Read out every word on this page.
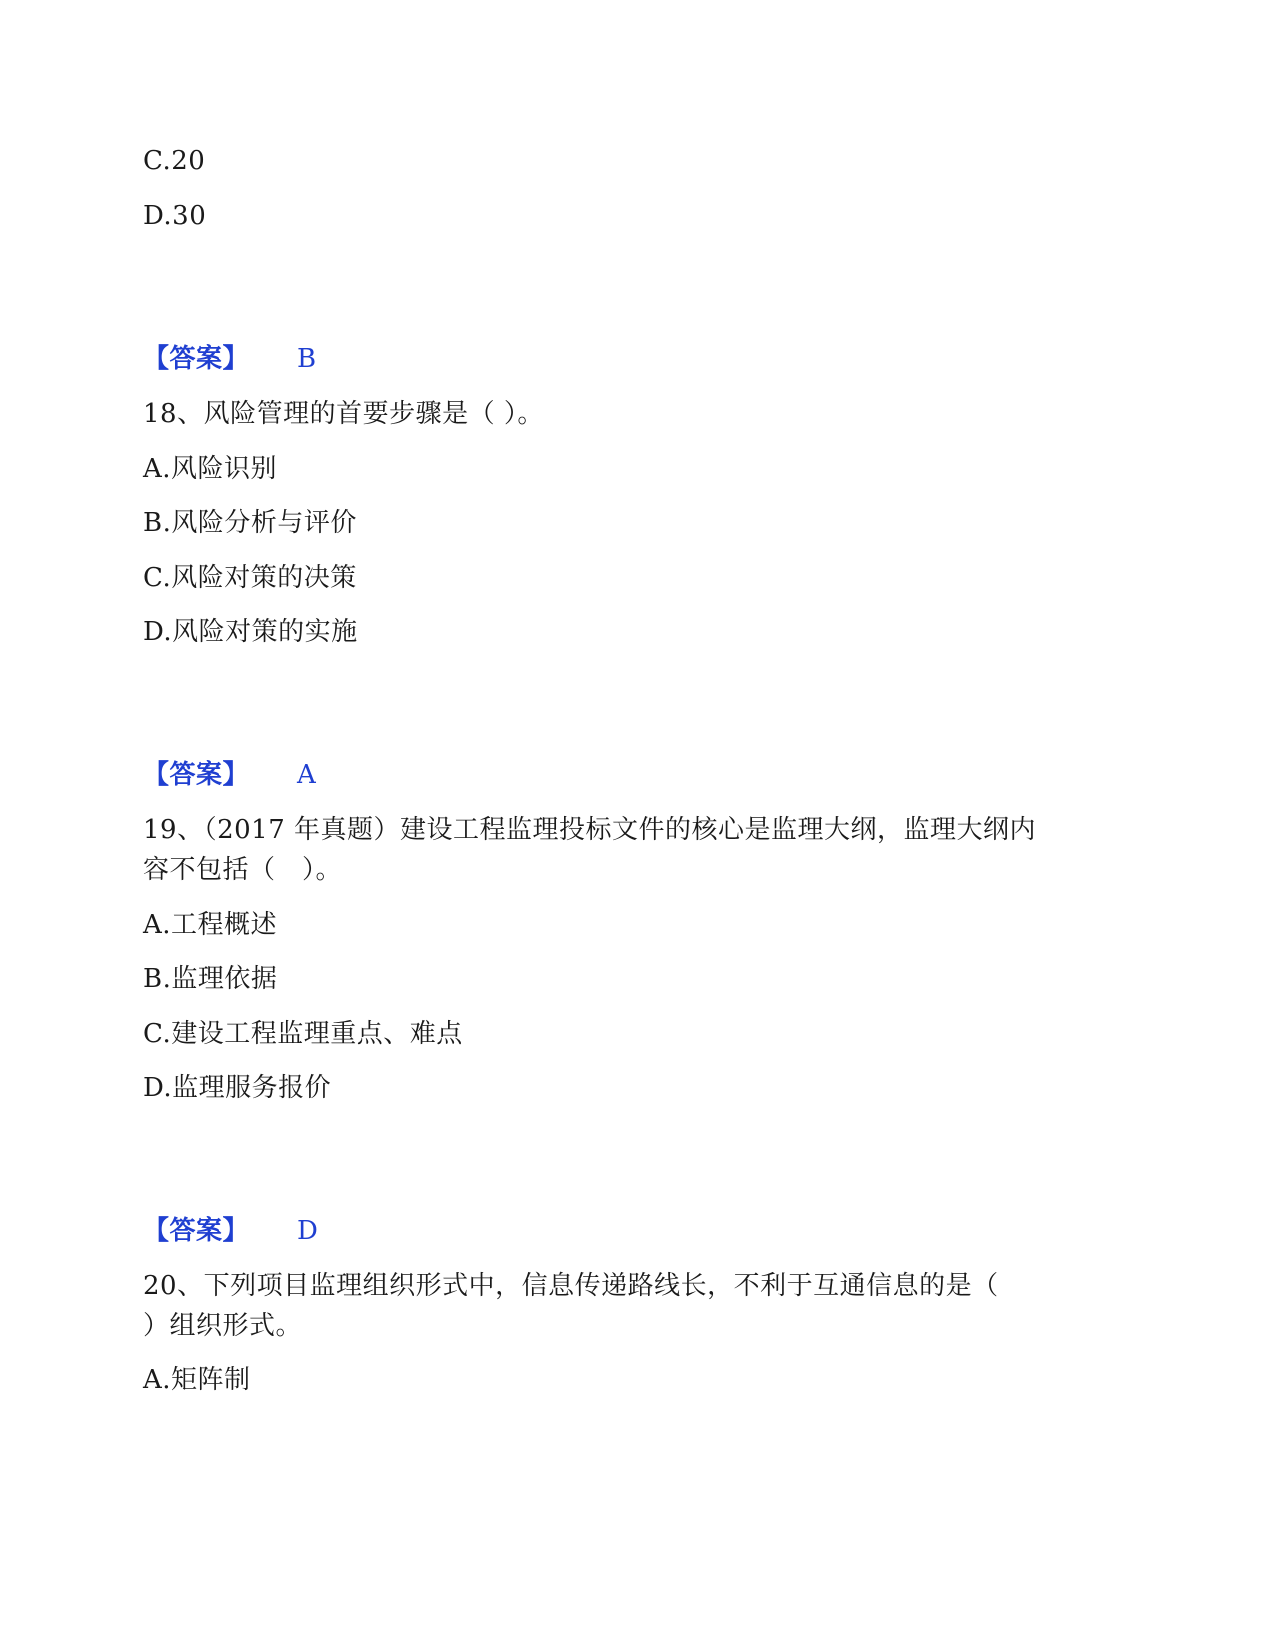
C.20
D.30
【答案】 B
18、风险管理的首要步骤是（ ）。
A.风险识别
B.风险分析与评价
C.风险对策的决策
D.风险对策的实施
【答案】 A
19、（2017 年真题）建设工程监理投标文件的核心是监理大纲，监理大纲内
容不包括（　）。
A.工程概述
B.监理依据
C.建设工程监理重点、难点
D.监理服务报价
【答案】 D
20、下列项目监理组织形式中，信息传递路线长，不利于互通信息的是（
）组织形式。
A.矩阵制
